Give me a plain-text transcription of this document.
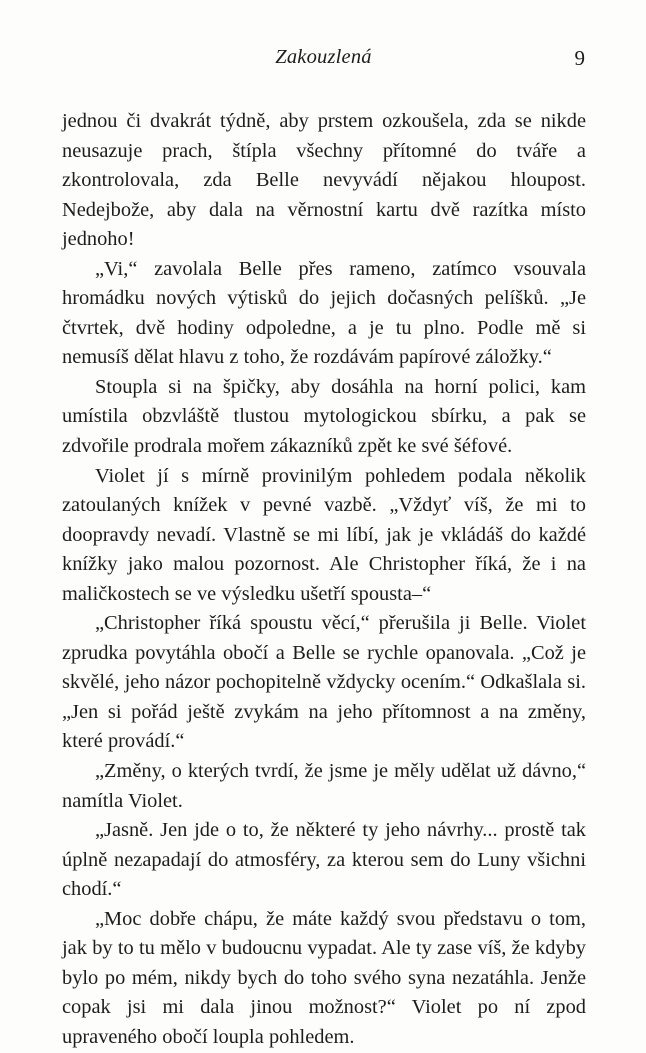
Zakouzlená	9

jednou či dvakrát týdně, aby prstem ozkoušela, zda se nikde neusazuje prach, štípla všechny přítomné do tváře a zkontrolovala, zda Belle nevyvádí nějakou hloupost. Nedejbože, aby dala na věrnostní kartu dvě razítka místo jednoho!

„Vi,“ zavolala Belle přes rameno, zatímco vsouvala hromádku nových výtisků do jejich dočasných pelíšků. „Je čtvrtek, dvě hodiny odpoledne, a je tu plno. Podle mě si nemusíš dělat hlavu z toho, že rozdávám papírové záložky.“

Stoupla si na špičky, aby dosáhla na horní polici, kam umístila obzvláště tlustou mytologickou sbírku, a pak se zdvořile prodrala mořem zákazníků zpět ke své šéfové.

Violet jí s mírně provinilým pohledem podala několik zatoulaných knížek v pevné vazbě. „Vždyť víš, že mi to doopravdy nevadí. Vlastně se mi líbí, jak je vkládáš do každé knížky jako malou pozornost. Ale Christopher říká, že i na maličkostech se ve výsledku ušetří spousta–“

„Christopher říká spoustu věcí,“ přerušila ji Belle. Violet zprudka povytáhla obočí a Belle se rychle opanovala. „Což je skvělé, jeho názor pochopitelně vždycky ocením.“ Odkašlala si. „Jen si pořád ještě zvykám na jeho přítomnost a na změny, které provádí.“

„Změny, o kterých tvrdí, že jsme je měly udělat už dávno,“ namítla Violet.

„Jasně. Jen jde o to, že některé ty jeho návrhy... prostě tak úplně nezapadají do atmosféry, za kterou sem do Luny všichni chodí.“

„Moc dobře chápu, že máte každý svou představu o tom, jak by to tu mělo v budoucnu vypadat. Ale ty zase víš, že kdyby bylo po mém, nikdy bych do toho svého syna nezatáhla. Jenže copak jsi mi dala jinou možnost?“ Violet po ní zpod upraveného obočí loupla pohledem.
